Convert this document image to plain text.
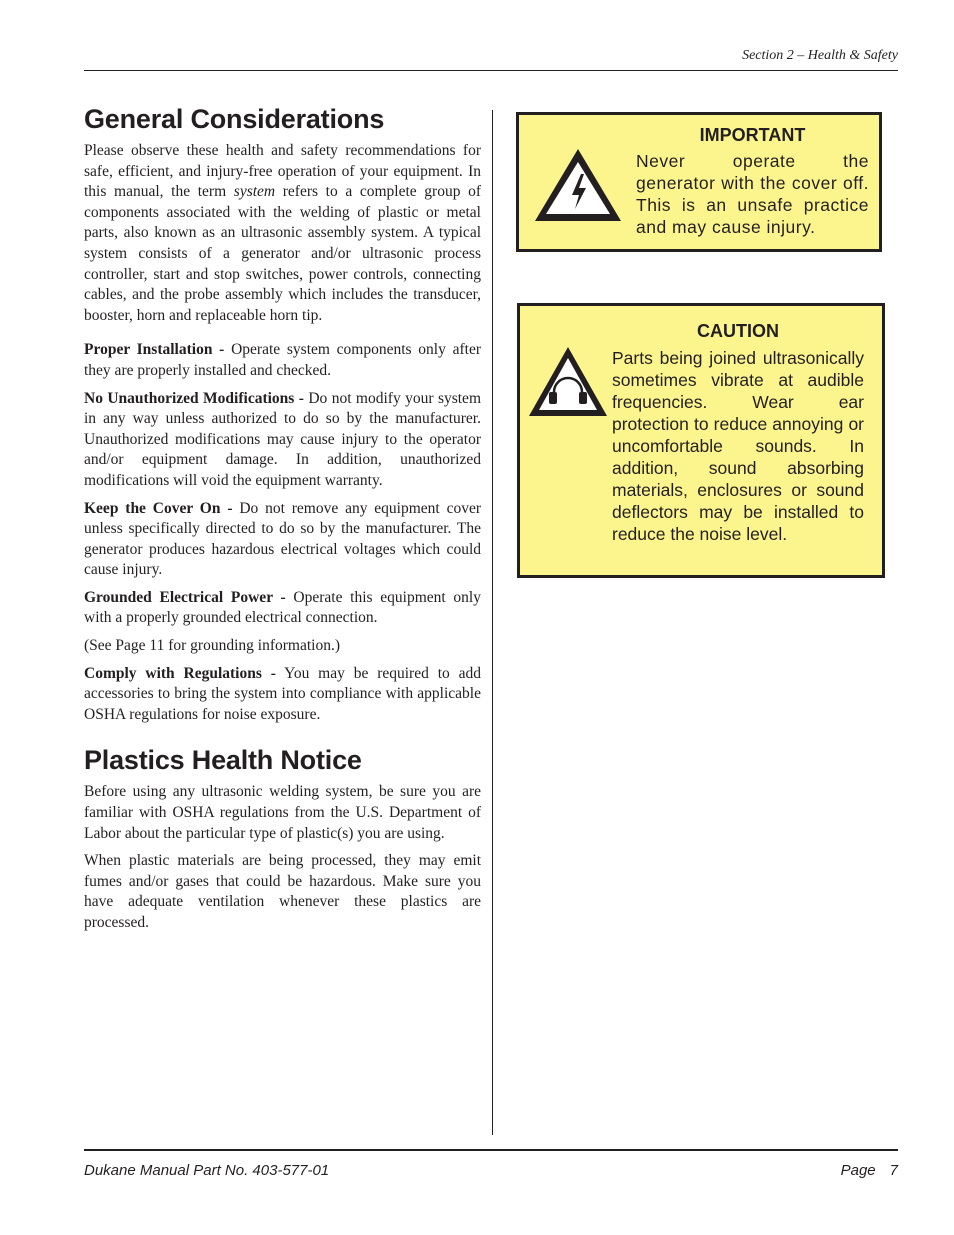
Section 2 – Health & Safety
General Considerations

Please observe these health and safety recommendations for safe, efficient, and injury-free operation of your equipment. In this manual, the term system refers to a complete group of components associated with the welding of plastic or metal parts, also known as an ultrasonic assembly system. A typical system consists of a generator and/or ultrasonic process controller, start and stop switches, power controls, connecting cables, and the probe assembly which includes the transducer, booster, horn and replaceable horn tip.

Proper Installation - Operate system components only after they are properly installed and checked.

No Unauthorized Modifications - Do not modify your system in any way unless authorized to do so by the manufacturer. Unauthorized modifications may cause injury to the operator and/or equipment damage. In addition, unauthorized modifications will void the equipment warranty.

Keep the Cover On - Do not remove any equipment cover unless specifically directed to do so by the manufacturer. The generator produces hazardous electrical voltages which could cause injury.

Grounded Electrical Power - Operate this equipment only with a properly grounded electrical connection.

(See Page 11 for grounding information.)

Comply with Regulations - You may be required to add accessories to bring the system into compliance with applicable OSHA regulations for noise exposure.

Plastics Health Notice

Before using any ultrasonic welding system, be sure you are familiar with OSHA regulations from the U.S. Department of Labor about the particular type of plastic(s) you are using.

When plastic materials are being processed, they may emit fumes and/or gases that could be hazardous. Make sure you have adequate ventilation whenever these plastics are processed.

IMPORTANT
Never operate the generator with the cover off. This is an unsafe practice and may cause injury.
CAUTION
Parts being joined ultrasonically sometimes vibrate at audible frequencies. Wear ear protection to reduce annoying or uncomfortable sounds. In addition, sound absorbing materials, enclosures or sound deflectors may be installed to reduce the noise level.
Dukane Manual Part No. 403-577-01	Page 7
